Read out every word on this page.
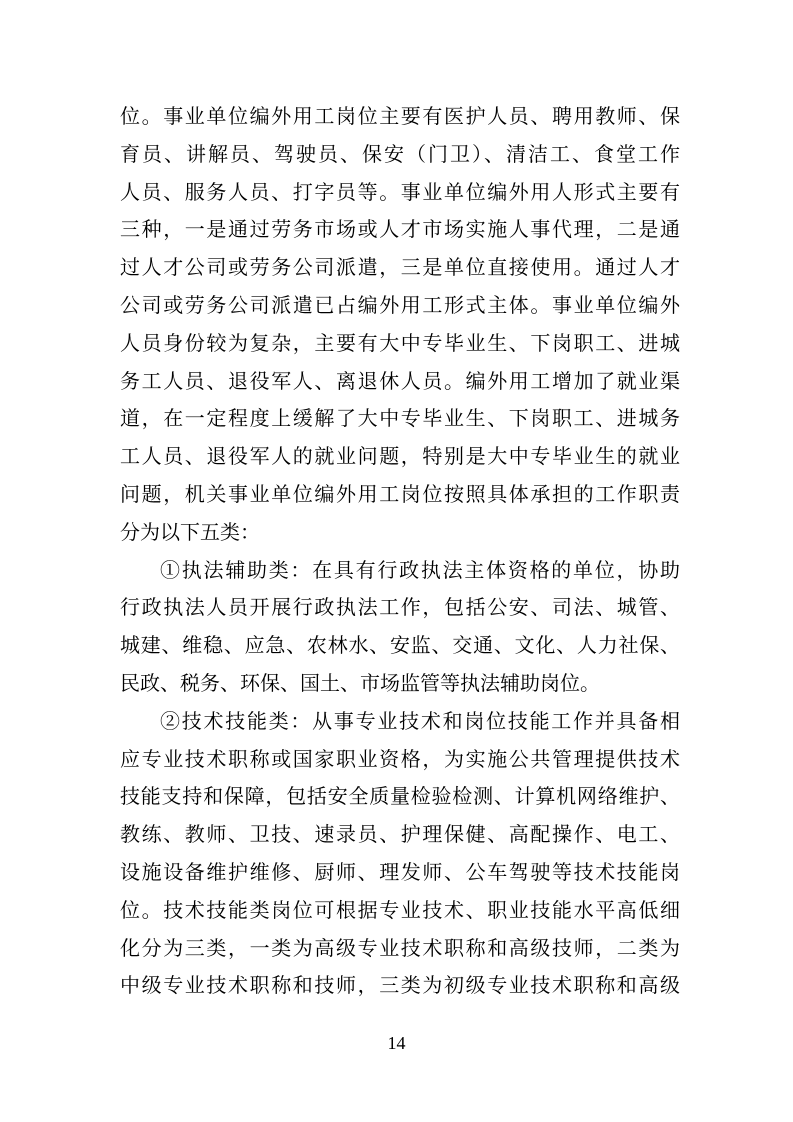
位。事业单位编外用工岗位主要有医护人员、聘用教师、保
育员、讲解员、驾驶员、保安（门卫）、清洁工、食堂工作
人员、服务人员、打字员等。事业单位编外用人形式主要有
三种，一是通过劳务市场或人才市场实施人事代理，二是通
过人才公司或劳务公司派遣，三是单位直接使用。通过人才
公司或劳务公司派遣已占编外用工形式主体。事业单位编外
人员身份较为复杂，主要有大中专毕业生、下岗职工、进城
务工人员、退役军人、离退休人员。编外用工增加了就业渠
道，在一定程度上缓解了大中专毕业生、下岗职工、进城务
工人员、退役军人的就业问题，特别是大中专毕业生的就业
问题，机关事业单位编外用工岗位按照具体承担的工作职责
分为以下五类：
①执法辅助类：在具有行政执法主体资格的单位，协助
行政执法人员开展行政执法工作，包括公安、司法、城管、
城建、维稳、应急、农林水、安监、交通、文化、人力社保、
民政、税务、环保、国土、市场监管等执法辅助岗位。
②技术技能类：从事专业技术和岗位技能工作并具备相
应专业技术职称或国家职业资格，为实施公共管理提供技术
技能支持和保障，包括安全质量检验检测、计算机网络维护、
教练、教师、卫技、速录员、护理保健、高配操作、电工、
设施设备维护维修、厨师、理发师、公车驾驶等技术技能岗
位。技术技能类岗位可根据专业技术、职业技能水平高低细
化分为三类，一类为高级专业技术职称和高级技师，二类为
中级专业技术职称和技师，三类为初级专业技术职称和高级
14
